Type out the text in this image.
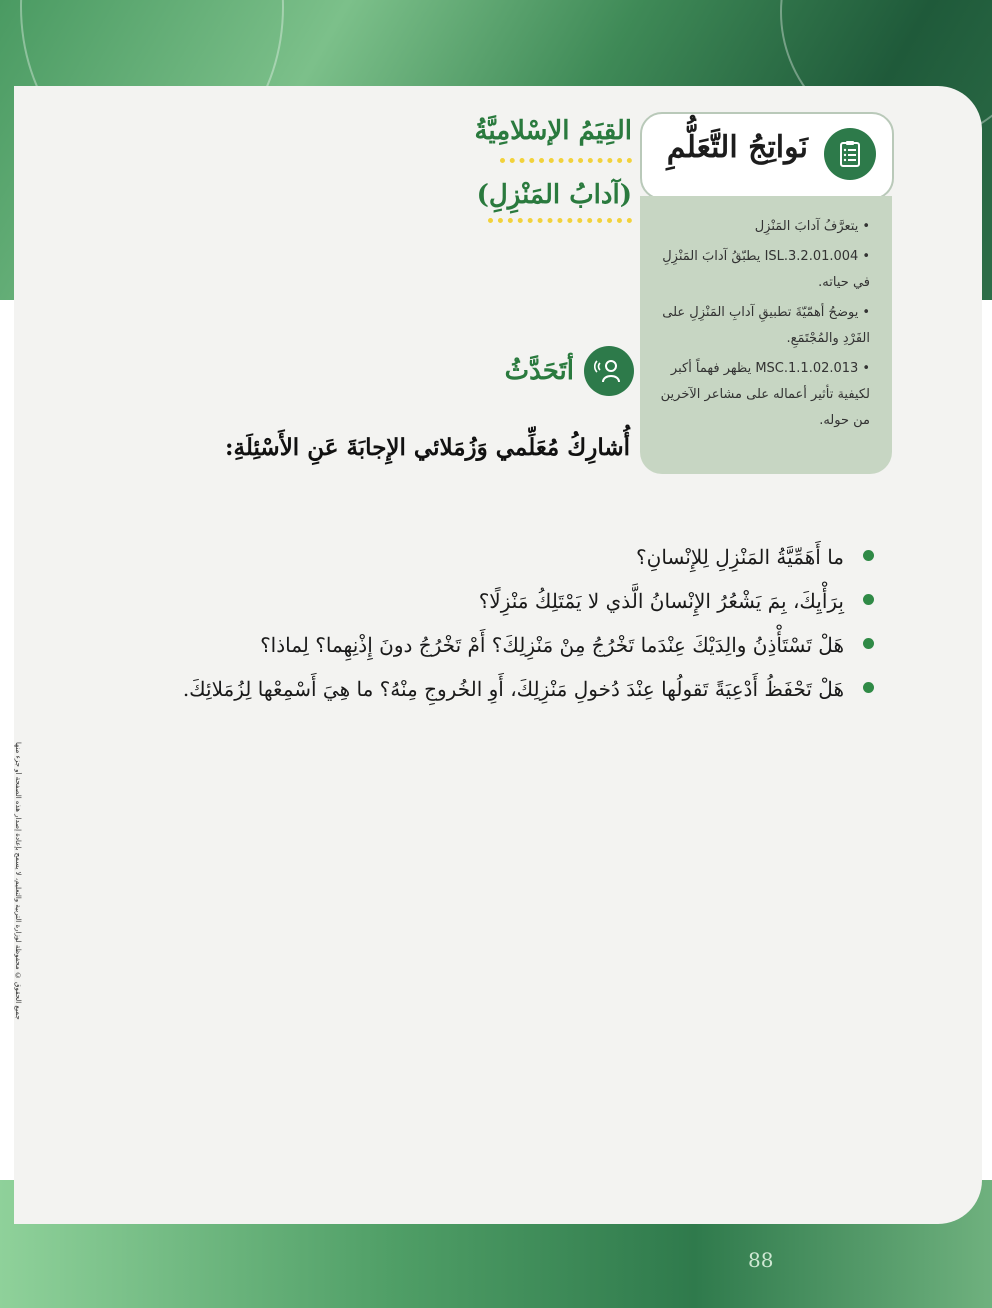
جميع الحقوق © محفوظة لوزارة التربية والتعليم، لا يسمح بإعادة إصدار هذه الصفحة أو جزء منها
نَواتِجُ التَّعَلُّمِ
• يتعرَّفُ آدابَ المَنْزِل
• ISL.3.2.01.004 يطبّقُ آدابَ المَنْزِلِ في حياته.
• يوضحُ أهمّيّةَ تطبيقِ آدابِ المَنْزِلِ على الفَرْدِ والمُجْتَمَعِ.
• MSC.1.1.02.013 يظهر فهماً أكبر لكيفية تأثير أعماله على مشاعر الآخرين من حوله.
القِيَمُ الإسْلامِيَّةُ
(آدابُ المَنْزِلِ)
أتَحَدَّثُ
أُشارِكُ مُعَلِّمي وَزُمَلائي الإِجابَةَ عَنِ الأَسْئِلَةِ:
ما أَهَمِّيَّةُ المَنْزِلِ لِلإِنْسانِ؟
بِرَأْيِكَ، بِمَ يَشْعُرُ الإِنْسانُ الَّذي لا يَمْتَلِكُ مَنْزِلًا؟
هَلْ تَسْتَأْذِنُ والِدَيْكَ عِنْدَما تَخْرُجُ مِنْ مَنْزِلِكَ؟ أَمْ تَخْرُجُ دونَ إِذْنِهِما؟ لِماذا؟
هَلْ تَحْفَظُ أَدْعِيَةً تَقولُها عِنْدَ دُخولِ مَنْزِلِكَ، أَوِ الخُروجِ مِنْهُ؟ ما هِيَ أَسْمِعْها لِزُمَلائِكَ.
88
